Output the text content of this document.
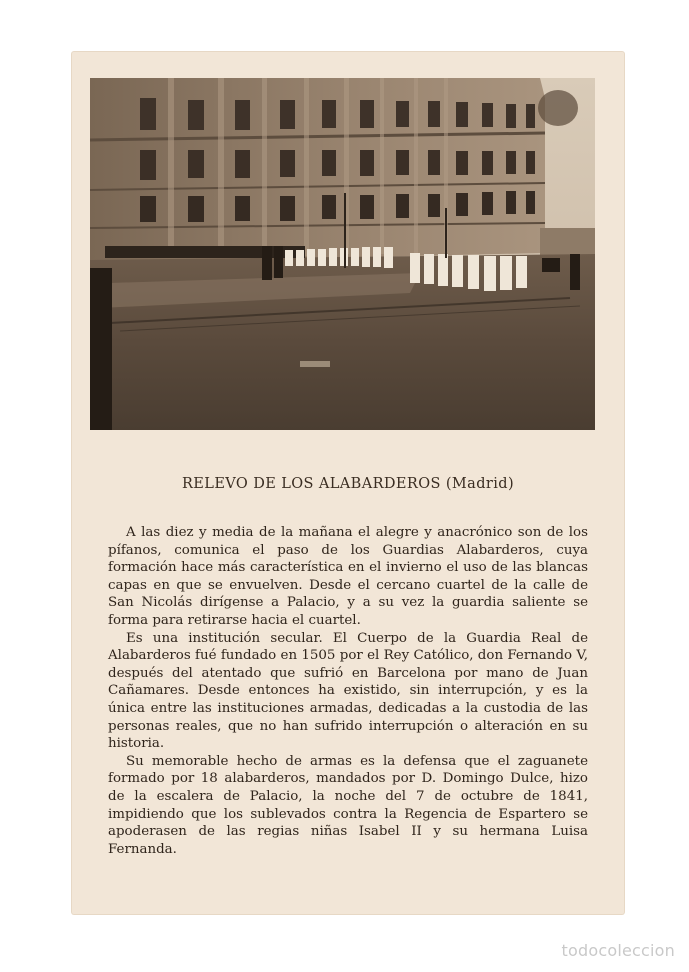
RELEVO DE LOS ALABARDEROS (Madrid)

A las diez y media de la mañana el alegre y anacrónico son de los pífanos, comunica el paso de los Guardias Alabarderos, cuya formación hace más característica en el invierno el uso de las blancas capas en que se envuelven. Desde el cercano cuartel de la calle de San Nicolás dirígense a Palacio, y a su vez la guardia saliente se forma para retirarse hacia el cuartel.

Es una institución secular. El Cuerpo de la Guardia Real de Alabarderos fué fundado en 1505 por el Rey Católico, don Fernando V, después del atentado que sufrió en Barcelona por mano de Juan Cañamares. Desde entonces ha existido, sin interrupción, y es la única entre las instituciones armadas, dedicadas a la custodia de las personas reales, que no han sufrido interrupción o alteración en su historia.

Su memorable hecho de armas es la defensa que el zaguanete formado por 18 alabarderos, mandados por D. Domingo Dulce, hizo de la escalera de Palacio, la noche del 7 de octubre de 1841, impidiendo que los sublevados contra la Regencia de Espartero se apoderasen de las regias niñas Isabel II y su hermana Luisa Fernanda.

todocoleccion
